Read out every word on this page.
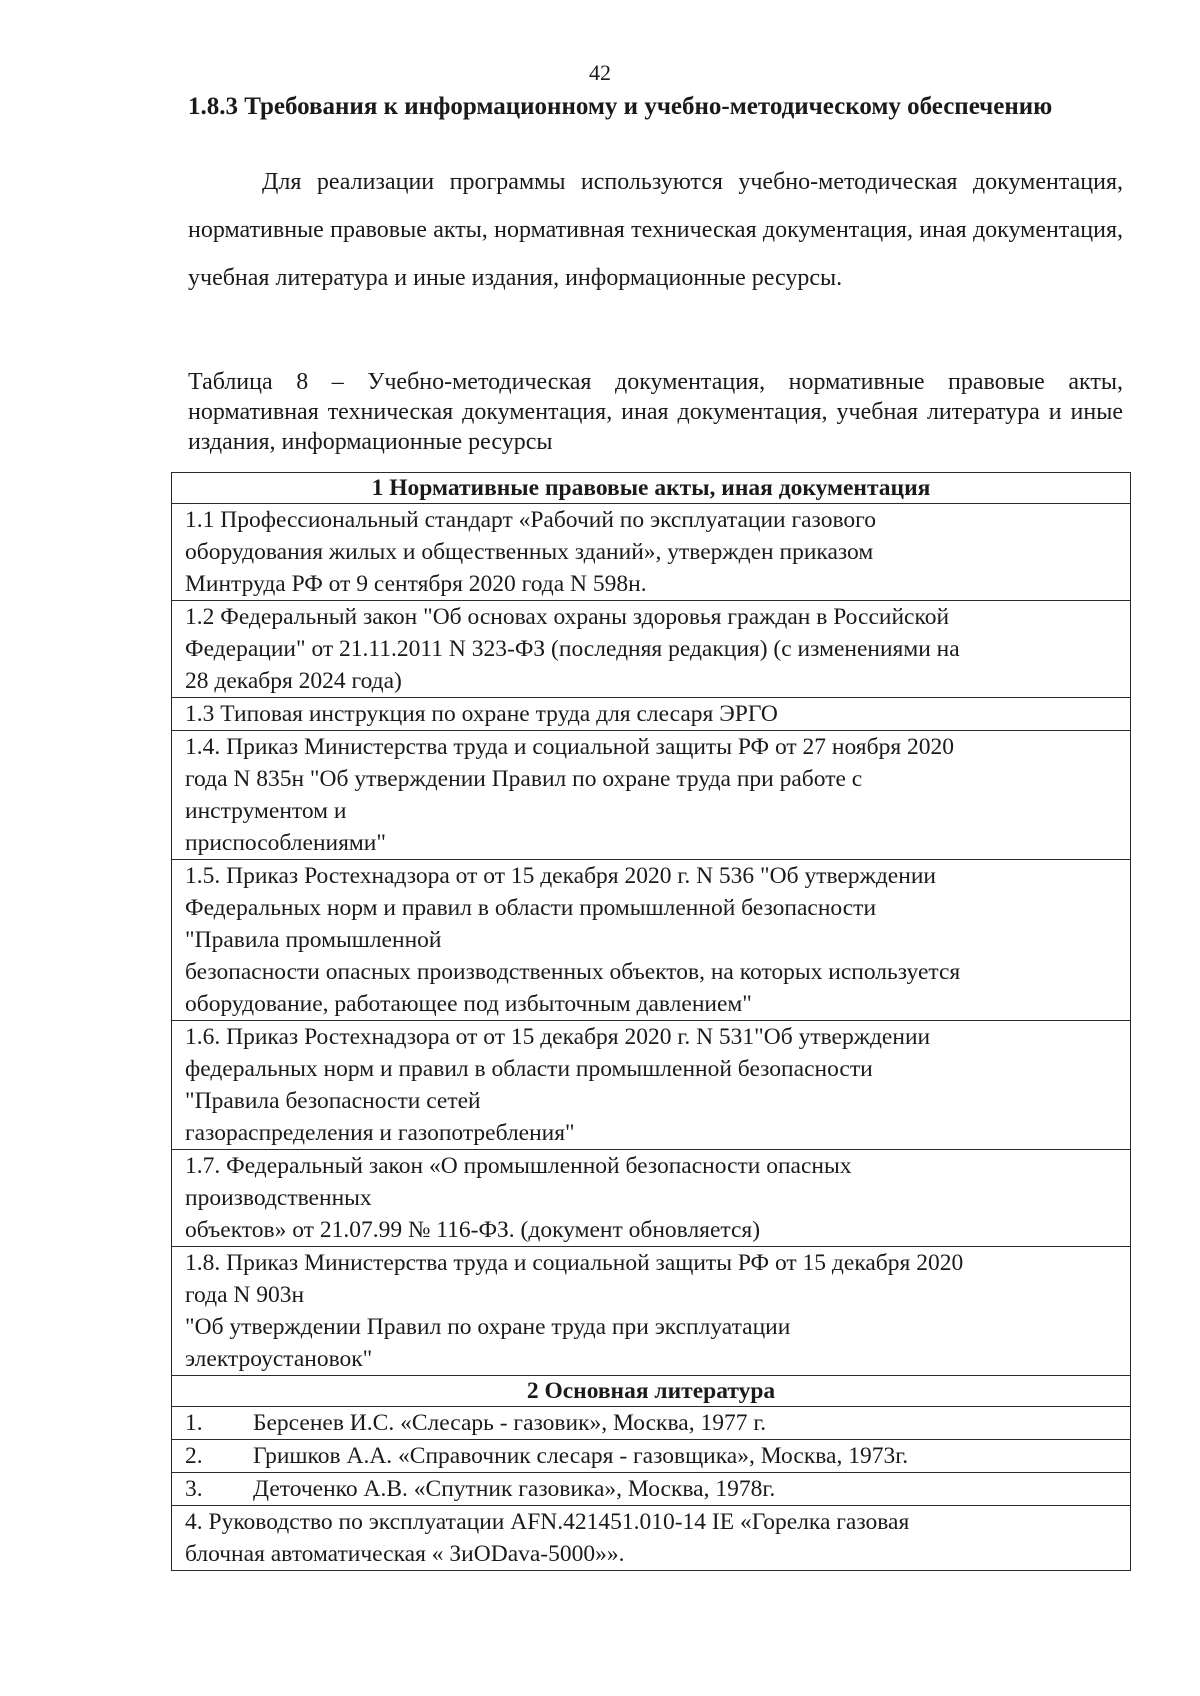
42

1.8.3 Требования к информационному и учебно-методическому обеспечению

Для реализации программы используются учебно-методическая документация, нормативные правовые акты, нормативная техническая документация, иная документация, учебная литература и иные издания, информационные ресурсы.

Таблица 8 – Учебно-методическая документация, нормативные правовые акты, нормативная техническая документация, иная документация, учебная литература и иные издания, информационные ресурсы

1 Нормативные правовые акты, иная документация

1.1 Профессиональный стандарт «Рабочий по эксплуатации газового
оборудования жилых и общественных зданий», утвержден приказом
Минтруда РФ от 9 сентября 2020 года N 598н.

1.2 Федеральный закон "Об основах охраны здоровья граждан в Российской
Федерации" от 21.11.2011 N 323-ФЗ (последняя редакция) (с изменениями на
28 декабря 2024 года)

1.3 Типовая инструкция по охране труда для слесаря ЭРГО

1.4. Приказ Министерства труда и социальной защиты РФ от 27 ноября 2020
года N 835н "Об утверждении Правил по охране труда при работе с
инструментом и
приспособлениями"

1.5. Приказ Ростехнадзора от от 15 декабря 2020 г. N 536 "Об утверждении
Федеральных норм и правил в области промышленной безопасности
"Правила промышленной
безопасности опасных производственных объектов, на которых используется
оборудование, работающее под избыточным давлением"

1.6. Приказ Ростехнадзора от от 15 декабря 2020 г. N 531"Об утверждении
федеральных норм и правил в области промышленной безопасности
"Правила безопасности сетей
газораспределения и газопотребления"

1.7. Федеральный закон «О промышленной безопасности опасных
производственных
объектов» от 21.07.99 № 116-ФЗ. (документ обновляется)

1.8. Приказ Министерства труда и социальной защиты РФ от 15 декабря 2020
года N 903н
"Об утверждении Правил по охране труда при эксплуатации
электроустановок"

2 Основная литература
1. Берсенев И.С. «Слесарь - газовик», Москва, 1977 г.
2. Гришков А.А. «Справочник слесаря - газовщика», Москва, 1973г.
3. Деточенко А.В. «Спутник газовика», Москва, 1978г.

4. Руководство по эксплуатации AFN.421451.010-14 IE «Горелка газовая
блочная автоматическая « ЗиODava-5000»».
